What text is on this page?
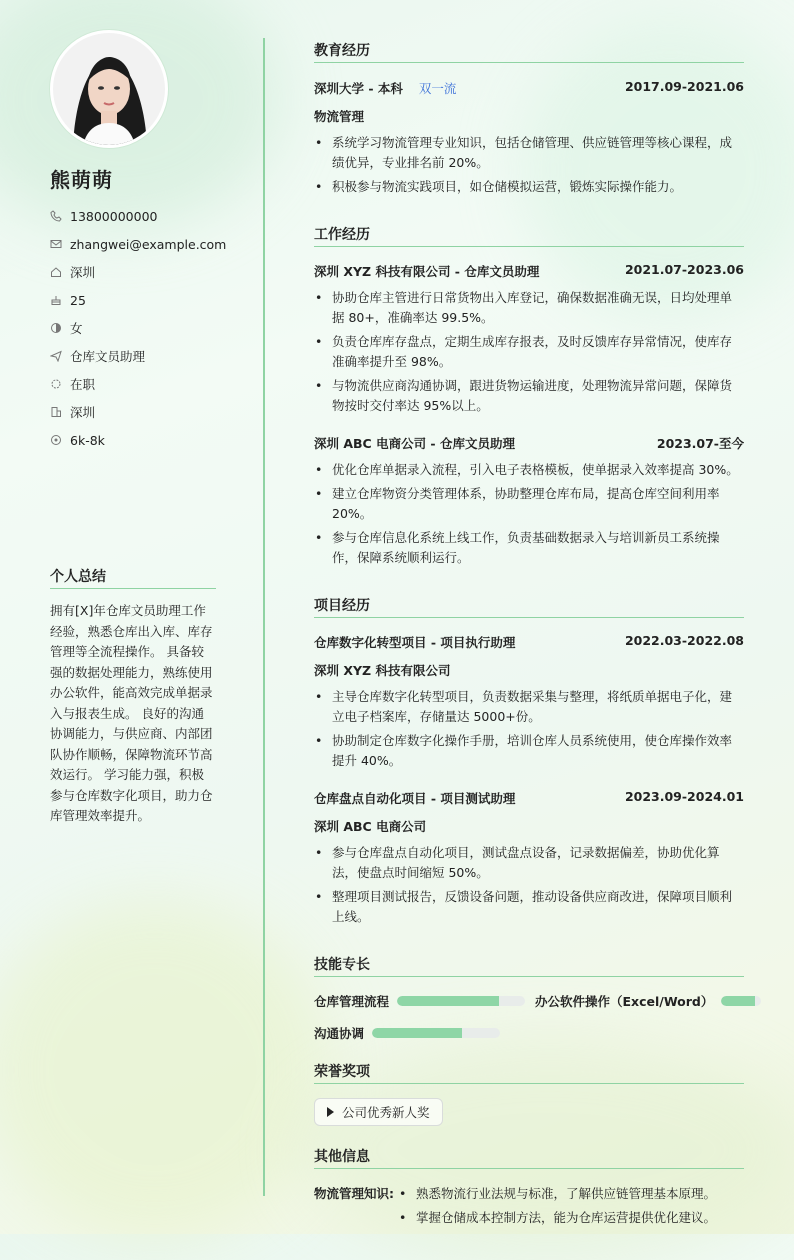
熊萌萌
13800000000
zhangwei@example.com
深圳
25
女
仓库文员助理
在职
深圳
6k-8k
个人总结
拥有[X]年仓库文员助理工作经验，熟悉仓库出入库、库存管理等全流程操作。 具备较强的数据处理能力，熟练使用办公软件，能高效完成单据录入与报表生成。 良好的沟通协调能力，与供应商、内部团队协作顺畅，保障物流环节高效运行。 学习能力强，积极参与仓库数字化项目，助力仓库管理效率提升。
教育经历
深圳大学 - 本科 双一流	2017.09-2021.06
物流管理
• 系统学习物流管理专业知识，包括仓储管理、供应链管理等核心课程，成绩优异，专业排名前 20%。
• 积极参与物流实践项目，如仓储模拟运营，锻炼实际操作能力。
工作经历
深圳 XYZ 科技有限公司 - 仓库文员助理	2021.07-2023.06
• 协助仓库主管进行日常货物出入库登记，确保数据准确无误，日均处理单据 80+，准确率达 99.5%。
• 负责仓库库存盘点，定期生成库存报表，及时反馈库存异常情况，使库存准确率提升至 98%。
• 与物流供应商沟通协调，跟进货物运输进度，处理物流异常问题，保障货物按时交付率达 95%以上。
深圳 ABC 电商公司 - 仓库文员助理	2023.07-至今
• 优化仓库单据录入流程，引入电子表格模板，使单据录入效率提高 30%。
• 建立仓库物资分类管理体系，协助整理仓库布局，提高仓库空间利用率 20%。
• 参与仓库信息化系统上线工作，负责基础数据录入与培训新员工系统操作，保障系统顺利运行。
项目经历
仓库数字化转型项目 - 项目执行助理	2022.03-2022.08
深圳 XYZ 科技有限公司
• 主导仓库数字化转型项目，负责数据采集与整理，将纸质单据电子化，建立电子档案库，存储量达 5000+份。
• 协助制定仓库数字化操作手册，培训仓库人员系统使用，使仓库操作效率提升 40%。
仓库盘点自动化项目 - 项目测试助理	2023.09-2024.01
深圳 ABC 电商公司
• 参与仓库盘点自动化项目，测试盘点设备，记录数据偏差，协助优化算法，使盘点时间缩短 50%。
• 整理项目测试报告，反馈设备问题，推动设备供应商改进，保障项目顺利上线。
技能专长
仓库管理流程	办公软件操作（Excel/Word）
沟通协调
荣誉奖项
公司优秀新人奖
其他信息
物流管理知识:
•	熟悉物流行业法规与标准，了解供应链管理基本原理。
• 掌握仓储成本控制方法，能为仓库运营提供优化建议。
